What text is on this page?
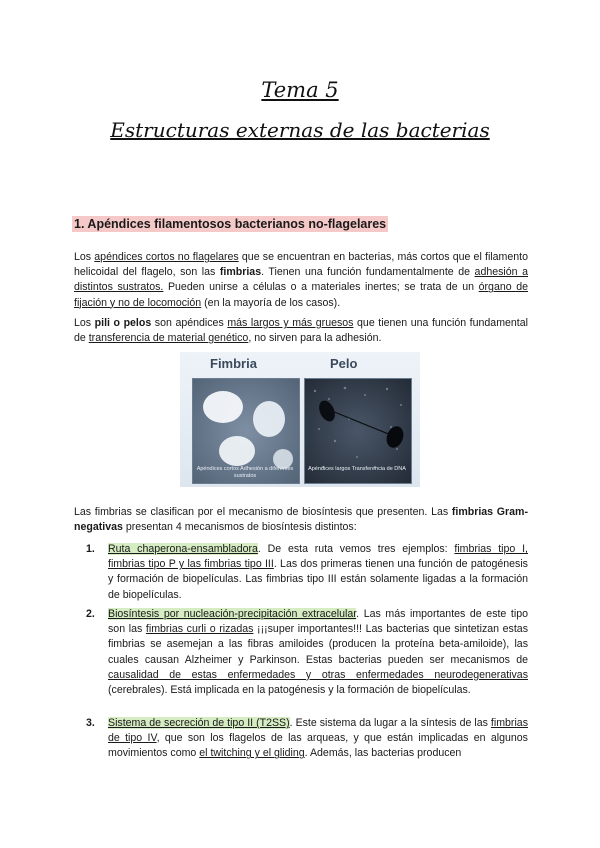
Tema 5
Estructuras externas de las bacterias
1. Apéndices filamentosos bacterianos no-flagelares
Los apéndices cortos no flagelares que se encuentran en bacterias, más cortos que el filamento helicoidal del flagelo, son las fimbrias. Tienen una función fundamentalmente de adhesión a distintos sustratos. Pueden unirse a células o a materiales inertes; se trata de un órgano de fijación y no de locomoción (en la mayoría de los casos).
Los pili o pelos son apéndices más largos y más gruesos que tienen una función fundamental de transferencia de material genético, no sirven para la adhesión.
Fimbria	Pelo
Apéndices cortos Adhesión a diferentes sustratos
Apéndices largos Transferencia de DNA
Las fimbrias se clasifican por el mecanismo de biosíntesis que presenten. Las fimbrias Gram-negativas presentan 4 mecanismos de biosíntesis distintos:
1. Ruta chaperona-ensambladora. De esta ruta vemos tres ejemplos: fimbrias tipo I, fimbrias tipo P y las fimbrias tipo III. Las dos primeras tienen una función de patogénesis y formación de biopelículas. Las fimbrias tipo III están solamente ligadas a la formación de biopelículas.
2. Biosíntesis por nucleación-precipitación extracelular. Las más importantes de este tipo son las fimbrias curli o rizadas ¡¡¡super importantes!!! Las bacterias que sintetizan estas fimbrias se asemejan a las fibras amiloides (producen la proteína beta-amiloide), las cuales causan Alzheimer y Parkinson. Estas bacterias pueden ser mecanismos de causalidad de estas enfermedades y otras enfermedades neurodegenerativas (cerebrales). Está implicada en la patogénesis y la formación de biopelículas.
3. Sistema de secreción de tipo II (T2SS). Este sistema da lugar a la síntesis de las fimbrias de tipo IV, que son los flagelos de las arqueas, y que están implicadas en algunos movimientos como el twitching y el gliding. Además, las bacterias producen
